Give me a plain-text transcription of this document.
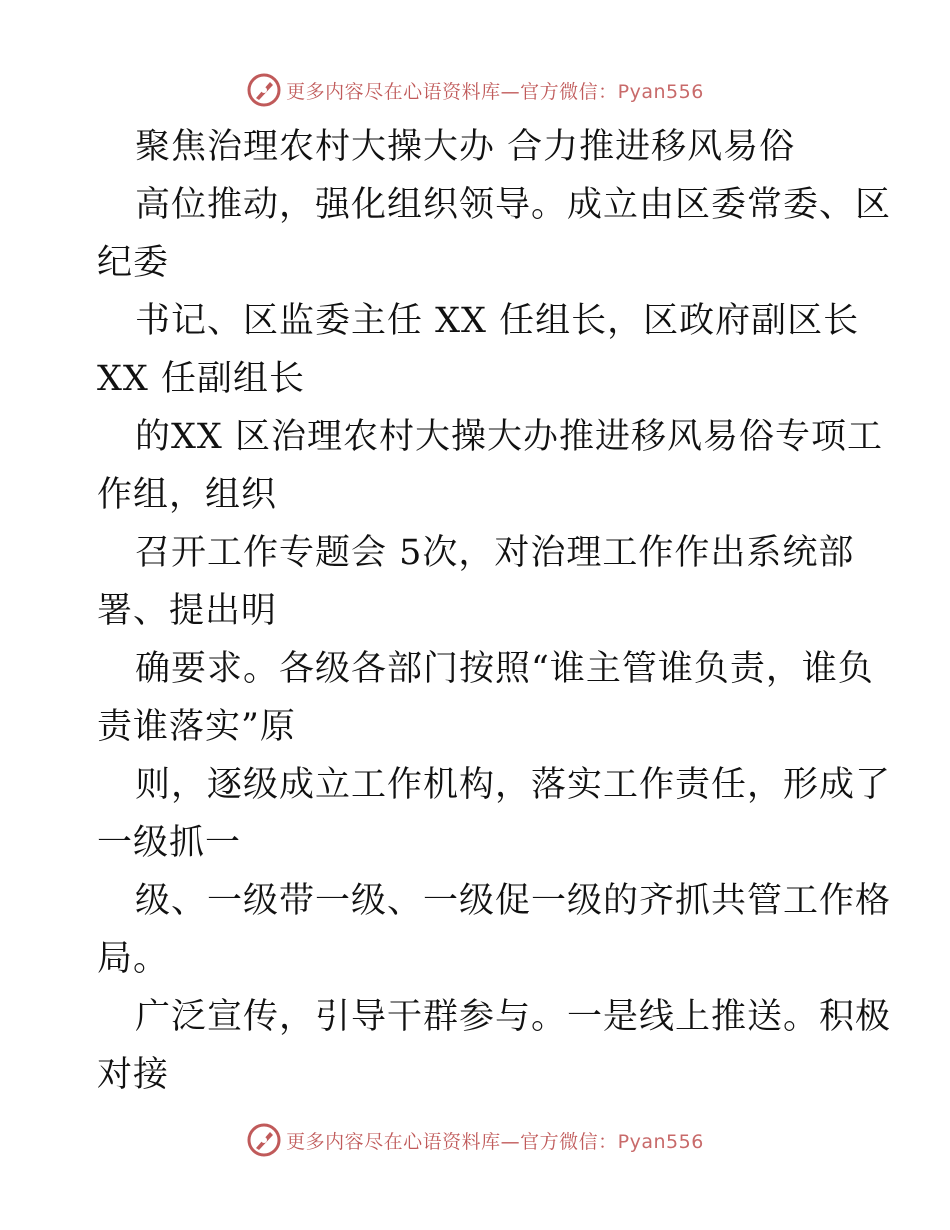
更多内容尽在心语资料库—官方微信：Pyan556
聚焦治理农村大操大办 合力推进移风易俗
高位推动，强化组织领导。成立由区委常委、区
纪委
书记、区监委主任 XX 任组长，区政府副区长
XX 任副组长
的XX 区治理农村大操大办推进移风易俗专项工
作组，组织
召开工作专题会 5次，对治理工作作出系统部
署、提出明
确要求。各级各部门按照“谁主管谁负责，谁负
责谁落实”原
则，逐级成立工作机构，落实工作责任，形成了
一级抓一
级、一级带一级、一级促一级的齐抓共管工作格
局。
广泛宣传，引导干群参与。一是线上推送。积极
对接
更多内容尽在心语资料库—官方微信：Pyan556
